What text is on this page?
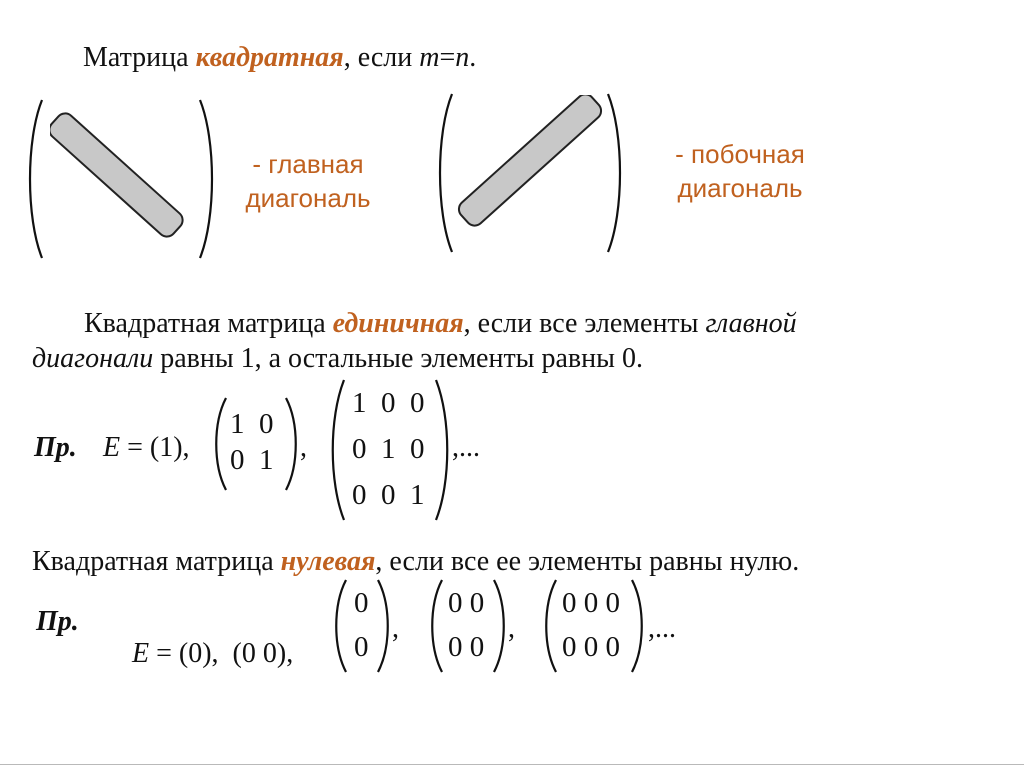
Матрица квадратная, если m=n.
- главная
диагональ
- побочная
диагональ
Квадратная матрица единичная, если все элементы главной
диагонали равны 1, а остальные элементы равны 0.
Пр. E = (1),
1  0
0  1 ,
1  0  0
0  1  0
0  0  1
,...
Квадратная матрица нулевая, если все ее элементы равны нулю.
Пр.

E = (0),  (0 0),

0
0
,
0 0
0 0
,
0 0 0
0 0 0
,...
